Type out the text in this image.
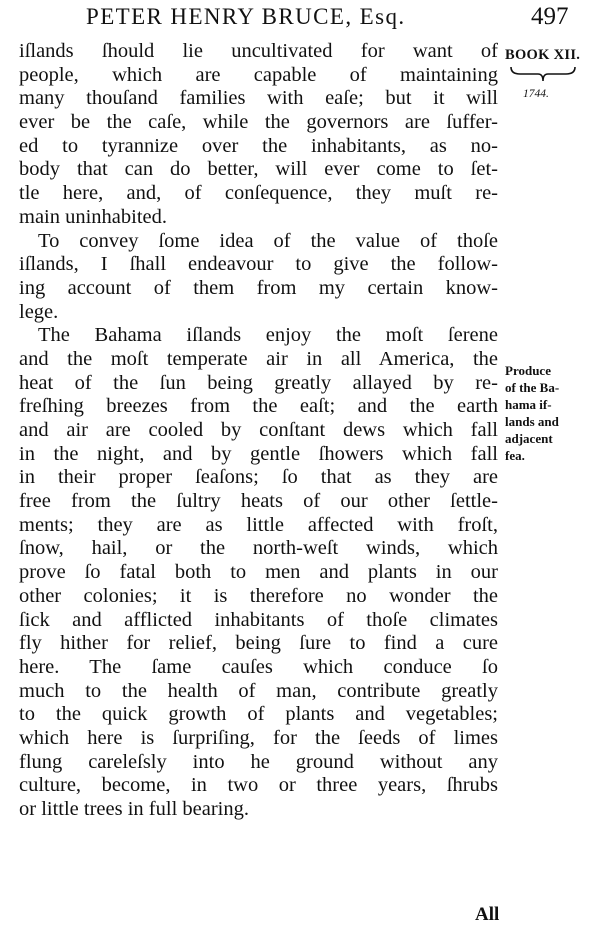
PETER HENRY BRUCE, Esq.	497
BOOK XII.
1744.
iſlands ſhould lie uncultivated for want of
people, which are capable of maintaining
many thouſand families with eaſe; but it will
ever be the caſe, while the governors are ſuffer-
ed to tyrannize over the inhabitants, as no-
body that can do better, will ever come to ſet-
tle here, and, of conſequence, they muſt re-
main uninhabited.
To convey ſome idea of the value of thoſe
iſlands, I ſhall endeavour to give the follow-
ing account of them from my certain know-
lege.
The Bahama iſlands enjoy the moſt ſerene
and the moſt temperate air in all America, the
heat of the ſun being greatly allayed by re-
freſhing breezes from the eaſt; and the earth
and air are cooled by conſtant dews which fall
in the night, and by gentle ſhowers which fall
in their proper ſeaſons; ſo that as they are
free from the ſultry heats of our other ſettle-
ments; they are as little affected with froſt,
ſnow, hail, or the north-weſt winds, which
prove ſo fatal both to men and plants in our
other colonies; it is therefore no wonder the
ſick and afflicted inhabitants of thoſe climates
fly hither for relief, being ſure to find a cure
here. The ſame cauſes which conduce ſo
much to the health of man, contribute greatly
to the quick growth of plants and vegetables;
which here is ſurpriſing, for the ſeeds of limes
flung careleſsly into he ground without any
culture, become, in two or three years, ſhrubs
or little trees in full bearing.
Produce
of the Ba-
hama if-
lands and
adjacent
fea.
All
